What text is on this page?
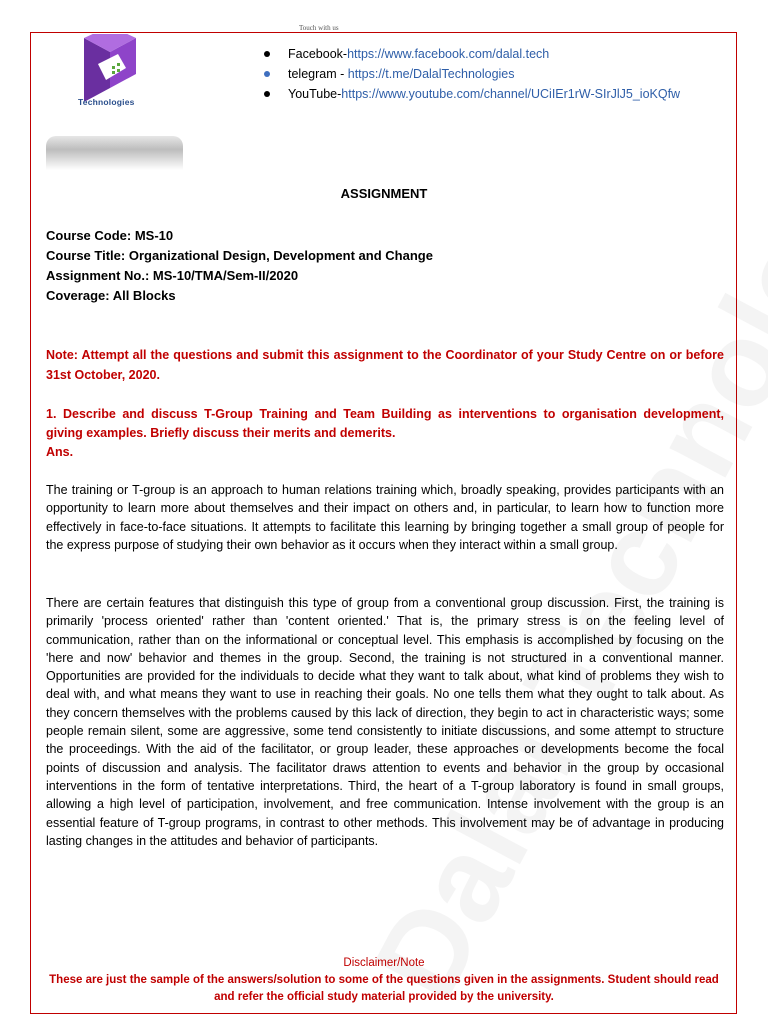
Touch with us
Technologies
Facebook-https://www.facebook.com/dalal.tech
telegram - https://t.me/DalalTechnologies
YouTube-https://www.youtube.com/channel/UCiIEr1rW-SIrJlJ5_ioKQfw
ASSIGNMENT
Course Code: MS-10
Course Title: Organizational Design, Development and Change
Assignment No.: MS-10/TMA/Sem-II/2020
Coverage: All Blocks
Note: Attempt all the questions and submit this assignment to the Coordinator of your Study Centre on or before 31st October, 2020.
1. Describe and discuss T-Group Training and Team Building as interventions to organisation development, giving examples. Briefly discuss their merits and demerits.
Ans.
The training or T-group is an approach to human relations training which, broadly speaking, provides participants with an opportunity to learn more about themselves and their impact on others and, in particular, to learn how to function more effectively in face-to-face situations. It attempts to facilitate this learning by bringing together a small group of people for the express purpose of studying their own behavior as it occurs when they interact within a small group.
There are certain features that distinguish this type of group from a conventional group discussion. First, the training is primarily 'process oriented' rather than 'content oriented.' That is, the primary stress is on the feeling level of communication, rather than on the informational or conceptual level. This emphasis is accomplished by focusing on the 'here and now' behavior and themes in the group. Second, the training is not structured in a conventional manner. Opportunities are provided for the individuals to decide what they want to talk about, what kind of problems they wish to deal with, and what means they want to use in reaching their goals. No one tells them what they ought to talk about. As they concern themselves with the problems caused by this lack of direction, they begin to act in characteristic ways; some people remain silent, some are aggressive, some tend consistently to initiate discussions, and some attempt to structure the proceedings. With the aid of the facilitator, or group leader, these approaches or developments become the focal points of discussion and analysis. The facilitator draws attention to events and behavior in the group by occasional interventions in the form of tentative interpretations. Third, the heart of a T-group laboratory is found in small groups, allowing a high level of participation, involvement, and free communication. Intense involvement with the group is an essential feature of T-group programs, in contrast to other methods. This involvement may be of advantage in producing lasting changes in the attitudes and behavior of participants.
Disclaimer/Note
These are just the sample of the answers/solution to some of the questions given in the assignments. Student should read and refer the official study material provided by the university.
